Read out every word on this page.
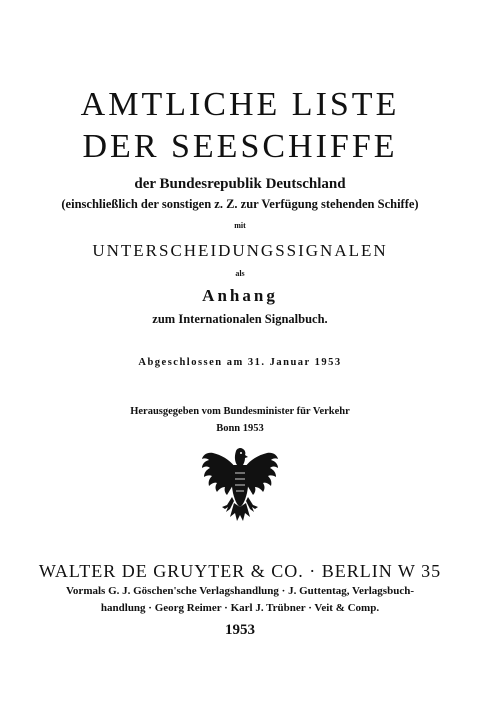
AMTLICHE LISTE
DER SEESCHIFFE
der Bundesrepublik Deutschland
(einschließlich der sonstigen z. Z. zur Verfügung stehenden Schiffe)
mit
UNTERSCHEIDUNGSSIGNALEN
als
Anhang
zum Internationalen Signalbuch.
Abgeschlossen am 31. Januar 1953
Herausgegeben vom Bundesminister für Verkehr
Bonn 1953
WALTER DE GRUYTER & CO. · BERLIN W 35
Vormals G. J. Göschen'sche Verlagshandlung · J. Guttentag, Verlagsbuch-
handlung · Georg Reimer · Karl J. Trübner · Veit & Comp.
1953
